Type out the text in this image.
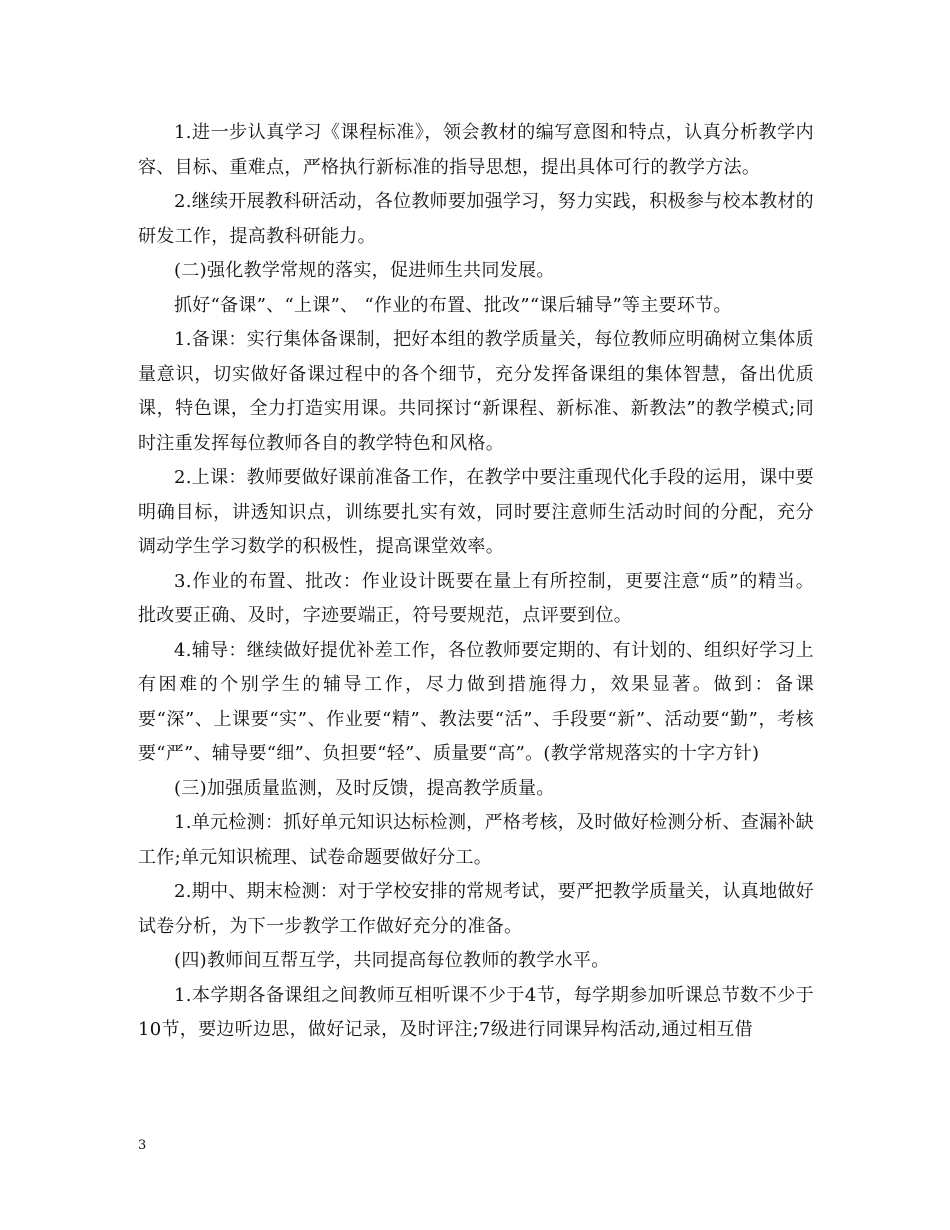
1.进一步认真学习《课程标准》，领会教材的编写意图和特点，认真分析教学内容、目标、重难点，严格执行新标准的指导思想，提出具体可行的教学方法。

2.继续开展教科研活动，各位教师要加强学习，努力实践，积极参与校本教材的研发工作，提高教科研能力。

(二)强化教学常规的落实，促进师生共同发展。

抓好“备课”、“上课”、 “作业的布置、批改”“课后辅导”等主要环节。

1.备课：实行集体备课制，把好本组的教学质量关，每位教师应明确树立集体质量意识，切实做好备课过程中的各个细节，充分发挥备课组的集体智慧，备出优质课，特色课，全力打造实用课。共同探讨“新课程、新标准、新教法”的教学模式;同时注重发挥每位教师各自的教学特色和风格。

2.上课：教师要做好课前准备工作，在教学中要注重现代化手段的运用，课中要明确目标，讲透知识点，训练要扎实有效，同时要注意师生活动时间的分配，充分调动学生学习数学的积极性，提高课堂效率。

3.作业的布置、批改：作业设计既要在量上有所控制，更要注意“质”的精当。批改要正确、及时，字迹要端正，符号要规范，点评要到位。

4.辅导：继续做好提优补差工作，各位教师要定期的、有计划的、组织好学习上有困难的个别学生的辅导工作，尽力做到措施得力，效果显著。做到：备课要“深”、上课要“实”、作业要“精”、教法要“活”、手段要“新”、活动要“勤”，考核要“严”、辅导要“细”、负担要“轻”、质量要“高”。(教学常规落实的十字方针)

(三)加强质量监测，及时反馈，提高教学质量。

1.单元检测：抓好单元知识达标检测，严格考核，及时做好检测分析、查漏补缺工作;单元知识梳理、试卷命题要做好分工。

2.期中、期末检测：对于学校安排的常规考试，要严把教学质量关，认真地做好试卷分析，为下一步教学工作做好充分的准备。

(四)教师间互帮互学，共同提高每位教师的教学水平。

1.本学期各备课组之间教师互相听课不少于4节，每学期参加听课总节数不少于10节，要边听边思，做好记录，及时评注;7级进行同课异构活动,通过相互借

3
